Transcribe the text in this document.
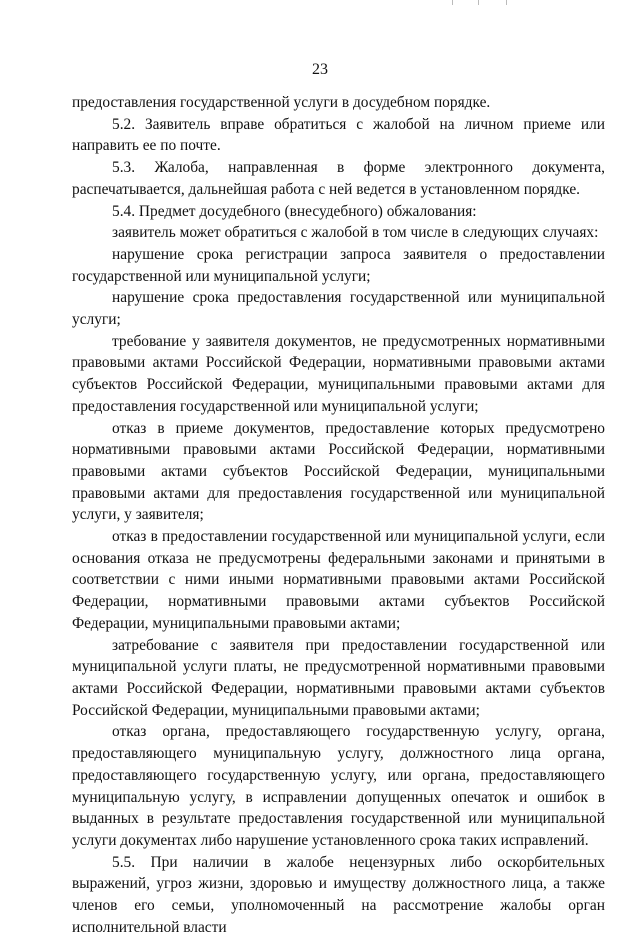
23

предоставления государственной услуги в досудебном порядке.

5.2. Заявитель вправе обратиться с жалобой на личном приеме или направить ее по почте.

5.3. Жалоба, направленная в форме электронного документа, распечатывается, дальнейшая работа с ней ведется в установленном порядке.

5.4. Предмет досудебного (внесудебного) обжалования:

заявитель может обратиться с жалобой в том числе в следующих случаях:

нарушение срока регистрации запроса заявителя о предоставлении государственной или муниципальной услуги;

нарушение срока предоставления государственной или муниципальной услуги;

требование у заявителя документов, не предусмотренных нормативными правовыми актами Российской Федерации, нормативными правовыми актами субъектов Российской Федерации, муниципальными правовыми актами для предоставления государственной или муниципальной услуги;

отказ в приеме документов, предоставление которых предусмотрено нормативными правовыми актами Российской Федерации, нормативными правовыми актами субъектов Российской Федерации, муниципальными правовыми актами для предоставления государственной или муниципальной услуги, у заявителя;

отказ в предоставлении государственной или муниципальной услуги, если основания отказа не предусмотрены федеральными законами и принятыми в соответствии с ними иными нормативными правовыми актами Российской Федерации, нормативными правовыми актами субъектов Российской Федерации, муниципальными правовыми актами;

затребование с заявителя при предоставлении государственной или муниципальной услуги платы, не предусмотренной нормативными правовыми актами Российской Федерации, нормативными правовыми актами субъектов Российской Федерации, муниципальными правовыми актами;

отказ органа, предоставляющего государственную услугу, органа, предоставляющего муниципальную услугу, должностного лица органа, предоставляющего государственную услугу, или органа, предоставляющего муниципальную услугу, в исправлении допущенных опечаток и ошибок в выданных в результате предоставления государственной или муниципальной услуги документах либо нарушение установленного срока таких исправлений.

5.5. При наличии в жалобе нецензурных либо оскорбительных выражений, угроз жизни, здоровью и имуществу должностного лица, а также членов его семьи, уполномоченный на рассмотрение жалобы орган исполнительной власти
